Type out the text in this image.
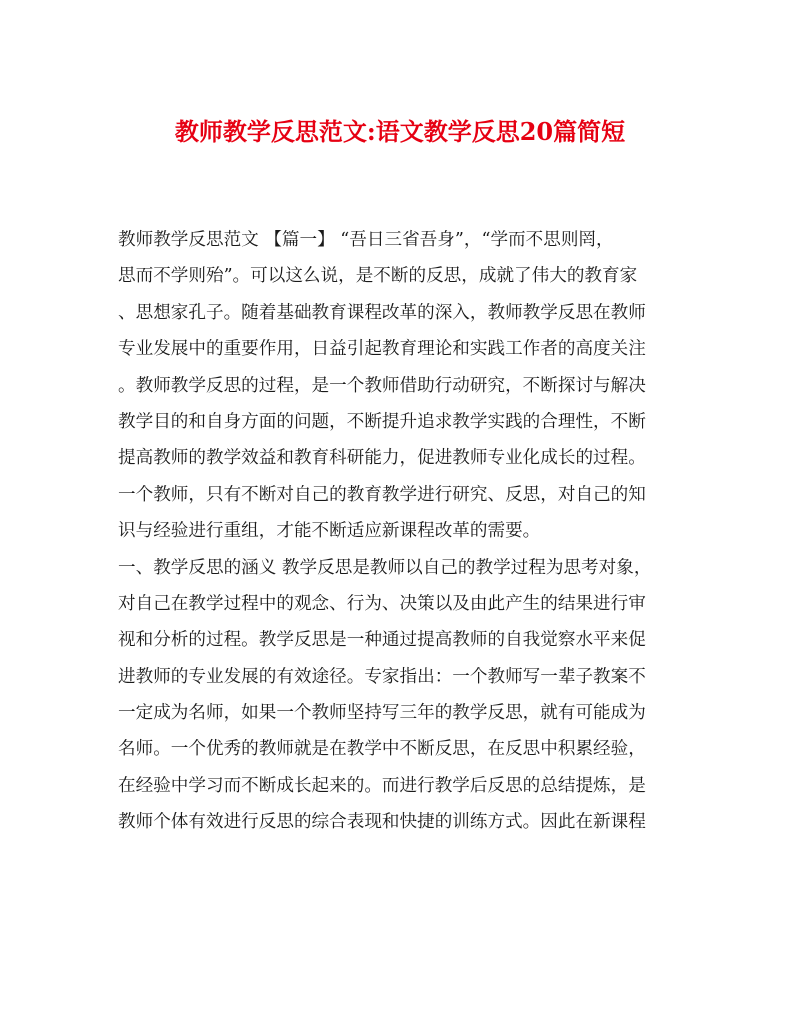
教师教学反思范文:语文教学反思20篇简短
教师教学反思范文 【篇一】 “吾日三省吾身”，“学而不思则罔，
思而不学则殆”。可以这么说，是不断的反思，成就了伟大的教育家
、思想家孔子。随着基础教育课程改革的深入，教师教学反思在教师
专业发展中的重要作用，日益引起教育理论和实践工作者的高度关注
。教师教学反思的过程，是一个教师借助行动研究，不断探讨与解决
教学目的和自身方面的问题，不断提升追求教学实践的合理性，不断
提高教师的教学效益和教育科研能力，促进教师专业化成长的过程。
一个教师，只有不断对自己的教育教学进行研究、反思，对自己的知
识与经验进行重组，才能不断适应新课程改革的需要。
一、教学反思的涵义 教学反思是教师以自己的教学过程为思考对象，
对自己在教学过程中的观念、行为、决策以及由此产生的结果进行审
视和分析的过程。教学反思是一种通过提高教师的自我觉察水平来促
进教师的专业发展的有效途径。专家指出：一个教师写一辈子教案不
一定成为名师，如果一个教师坚持写三年的教学反思，就有可能成为
名师。一个优秀的教师就是在教学中不断反思，在反思中积累经验，
在经验中学习而不断成长起来的。而进行教学后反思的总结提炼，是
教师个体有效进行反思的综合表现和快捷的训练方式。因此在新课程
